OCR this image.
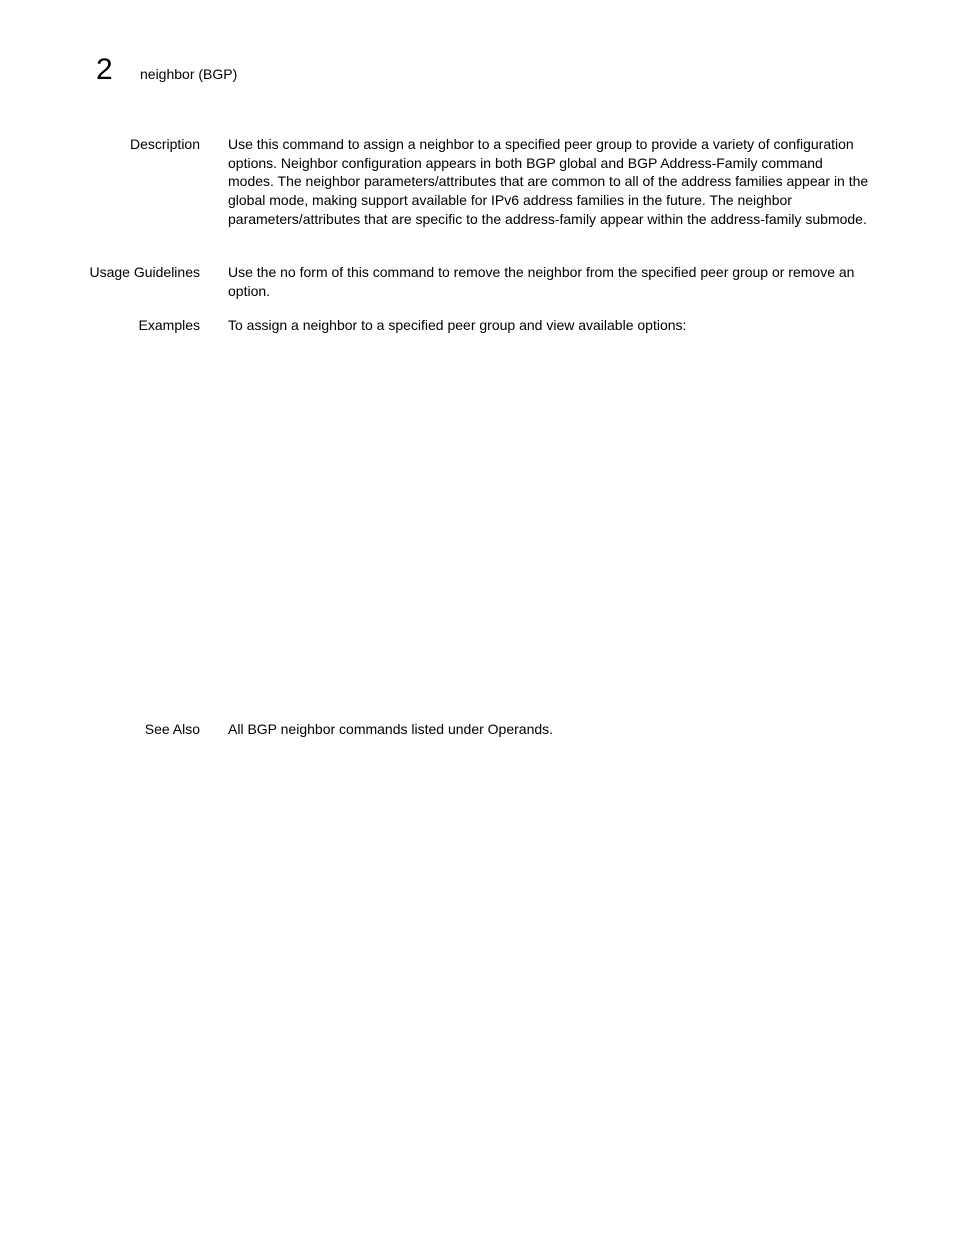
2 neighbor (BGP)
Description Use this command to assign a neighbor to a specified peer group to provide a variety of configuration options. Neighbor configuration appears in both BGP global and BGP Address-Family command modes. The neighbor parameters/attributes that are common to all of the address families appear in the global mode, making support available for IPv6 address families in the future. The neighbor parameters/attributes that are specific to the address-family appear within the address-family submode.
Usage Guidelines Use the no form of this command to remove the neighbor from the specified peer group or remove an option.
Examples To assign a neighbor to a specified peer group and view available options:
See Also All BGP neighbor commands listed under Operands.
